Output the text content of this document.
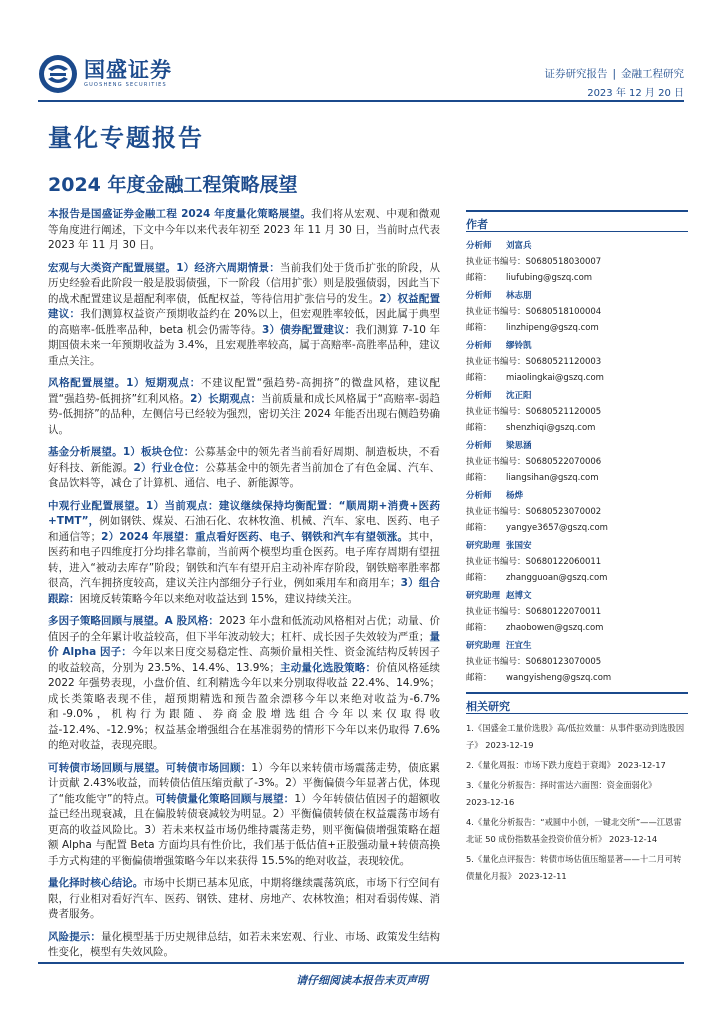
国盛证券
GUOSHENG SECURITIES
证券研究报告 | 金融工程研究
2023 年 12 月 20 日
量化专题报告
2024 年度金融工程策略展望
本报告是国盛证券金融工程 2024 年度量化策略展望。我们将从宏观、中观和微观等角度进行阐述，下文中今年以来代表年初至 2023 年 11 月 30 日，当前时点代表 2023 年 11 月 30 日。
宏观与大类资产配置展望。1）经济六周期情景：当前我们处于货币扩张的阶段，从历史经验看此阶段一般是股弱债强，下一阶段（信用扩张）则是股强债弱，因此当下的战术配置建议是超配利率债，低配权益，等待信用扩张信号的发生。2）权益配置建议：我们测算权益资产预期收益约在 20%以上，但宏观胜率较低，因此属于典型的高赔率-低胜率品种，beta 机会仍需等待。3）债券配置建议：我们测算 7-10 年期国债未来一年预期收益为 3.4%，且宏观胜率较高，属于高赔率-高胜率品种，建议重点关注。
风格配置展望。1）短期观点：不建议配置“强趋势-高拥挤”的微盘风格，建议配置“强趋势-低拥挤”红利风格。2）长期观点：当前质量和成长风格属于“高赔率-弱趋势-低拥挤”的品种，左侧信号已经较为强烈，密切关注 2024 年能否出现右侧趋势确认。
基金分析展望。1）板块仓位：公募基金中的领先者当前看好周期、制造板块，不看好科技、新能源。2）行业仓位：公募基金中的领先者当前加仓了有色金属、汽车、食品饮料等，减仓了计算机、通信、电子、新能源等。
中观行业配置展望。1）当前观点：建议继续保持均衡配置：“顺周期+消费+医药+TMT”，例如钢铁、煤炭、石油石化、农林牧渔、机械、汽车、家电、医药、电子和通信等；2）2024 年展望：重点看好医药、电子、钢铁和汽车有望领涨。其中，医药和电子四维度打分均排名靠前，当前两个模型均重仓医药。电子库存周期有望扭转，进入“被动去库存”阶段；钢铁和汽车有望开启主动补库存阶段，钢铁赔率胜率都很高，汽车拥挤度较高，建议关注内部细分子行业，例如乘用车和商用车；3）组合跟踪：困境反转策略今年以来绝对收益达到 15%，建议持续关注。
多因子策略回顾与展望。A 股风格：2023 年小盘和低流动风格相对占优；动量、价值因子的全年累计收益较高，但下半年波动较大；杠杆、成长因子失效较为严重；量价 Alpha 因子：今年以来日度交易稳定性、高频价量相关性、资金流结构反转因子的收益较高，分别为 23.5%、14.4%、13.9%；主动量化选股策略：价值风格延续 2022 年强势表现，小盘价值、红利精选今年以来分别取得收益 22.4%、14.9%；成长类策略表现不佳，超预期精选和预告盈余漂移今年以来绝对收益为-6.7%和-9.0%，机构行为跟随、券商金股增选组合今年以来仅取得收益-12.4%、-12.9%；权益基金增强组合在基准弱势的情形下今年以来仍取得 7.6%的绝对收益，表现亮眼。
可转债市场回顾与展望。可转债市场回顾：1）今年以来转债市场震荡走势，债底累计贡献 2.43%收益，而转债估值压缩贡献了-3%。2）平衡偏债今年显著占优，体现了“能攻能守”的特点。可转债量化策略回顾与展望：1）今年转债估值因子的超额收益已经出现衰减，且在偏股转债衰减较为明显。2）平衡偏债转债在权益震荡市场有更高的收益风险比。3）若未来权益市场仍维持震荡走势，则平衡偏债增强策略在超额 Alpha 与配置 Beta 方面均具有性价比，我们基于低估值+正股强动量+转债高换手方式构建的平衡偏债增强策略今年以来获得 15.5%的绝对收益，表现较优。
量化择时核心结论。市场中长期已基本见底，中期将继续震荡筑底，市场下行空间有限，行业相对看好汽车、医药、钢铁、建材、房地产、农林牧渔；相对看弱传媒、消费者服务。
风险提示：量化模型基于历史规律总结，如若未来宏观、行业、市场、政策发生结构性变化，模型有失效风险。
作者
分析师 刘富兵
执业证书编号：S0680518030007
邮箱： liufubing@gszq.com
分析师 林志朋
执业证书编号：S0680518100004
邮箱： linzhipeng@gszq.com
分析师 缪铃凯
执业证书编号：S0680521120003
邮箱： miaolingkai@gszq.com
分析师 沈正阳
执业证书编号：S0680521120005
邮箱： shenzhiqi@gszq.com
分析师 梁思涵
执业证书编号：S0680522070006
邮箱： liangsihan@gszq.com
分析师 杨烨
执业证书编号：S0680523070002
邮箱： yangye3657@gszq.com
研究助理 张国安
执业证书编号：S0680122060011
邮箱： zhangguoan@gszq.com
研究助理 赵博文
执业证书编号：S0680122070011
邮箱： zhaobowen@gszq.com
研究助理 汪宜生
执业证书编号：S0680123070005
邮箱： wangyisheng@gszq.com
相关研究
1.《国盛金工量价选股》高/低拉效量：从事件驱动到选股因子》 2023-12-19
2.《量化周报：市场下跌力度趋于衰竭》 2023-12-17
3.《量化分析报告：择时雷达六面图：资金面弱化》 2023-12-16
4.《量化分析报告：“戒圆中小创，一键北交所”——江恩雷北证 50 成份指数基金投资价值分析》 2023-12-14
5.《量化点评报告：转债市场估值压缩显著——十二月可转债量化月报》 2023-12-11
请仔细阅读本报告末页声明
